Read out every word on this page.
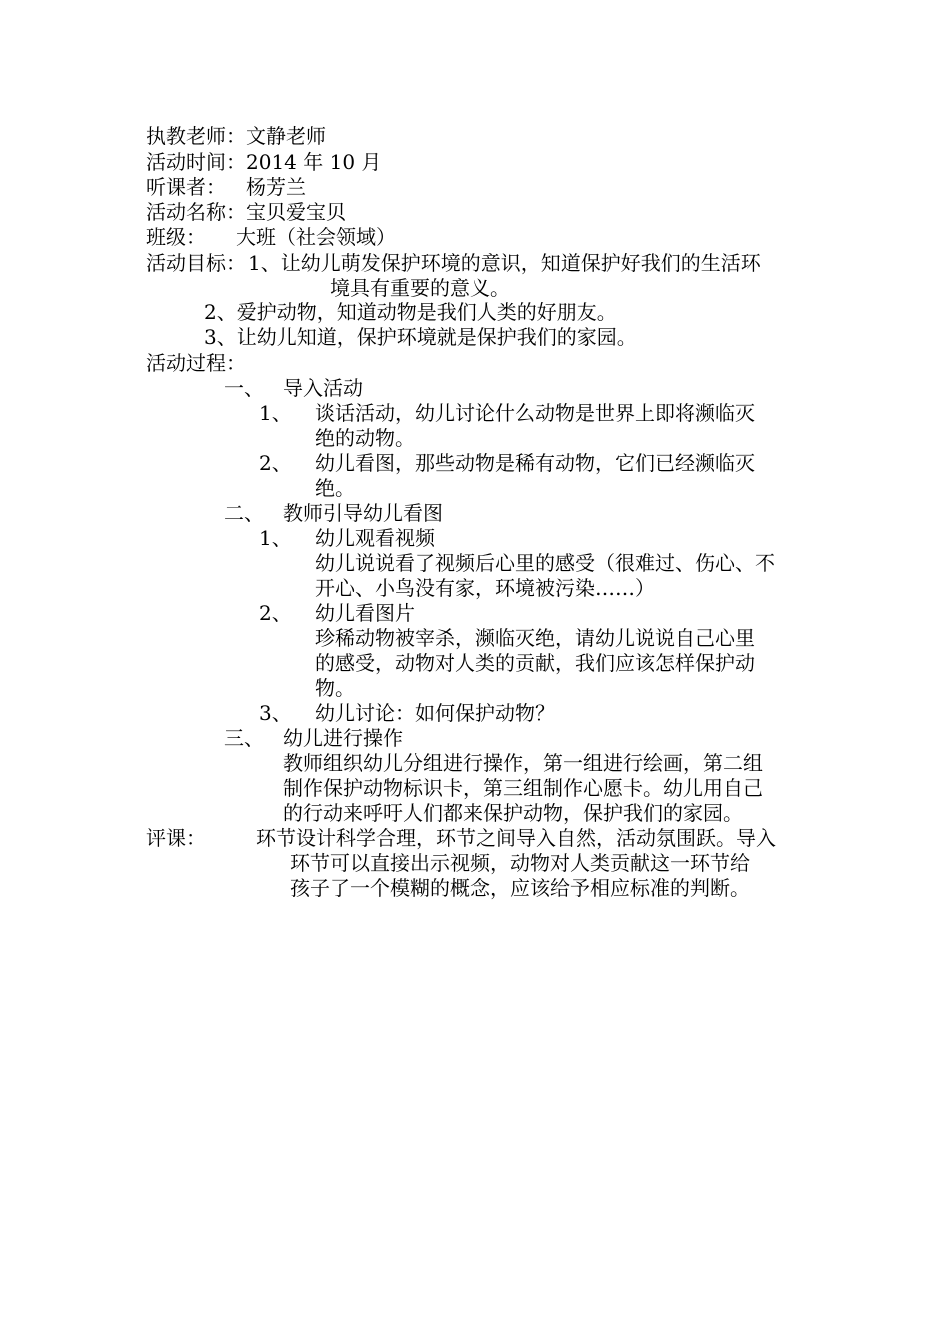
执教老师：文静老师
活动时间：2014 年 10 月
听课者： 杨芳兰
活动名称：宝贝爱宝贝
班级： 大班（社会领域）
活动目标： 1、让幼儿萌发保护环境的意识，知道保护好我们的生活环
境具有重要的意义。
2、爱护动物，知道动物是我们人类的好朋友。
3、让幼儿知道，保护环境就是保护我们的家园。
活动过程：
一、 导入活动
1、 谈话活动，幼儿讨论什么动物是世界上即将濒临灭
绝的动物。
2、 幼儿看图，那些动物是稀有动物，它们已经濒临灭
绝。
二、 教师引导幼儿看图
1、 幼儿观看视频
幼儿说说看了视频后心里的感受（很难过、伤心、不
开心、小鸟没有家，环境被污染……）
2、 幼儿看图片
珍稀动物被宰杀，濒临灭绝，请幼儿说说自己心里
的感受，动物对人类的贡献，我们应该怎样保护动
物。
3、 幼儿讨论：如何保护动物？
三、 幼儿进行操作
教师组织幼儿分组进行操作，第一组进行绘画，第二组
制作保护动物标识卡，第三组制作心愿卡。幼儿用自己
的行动来呼吁人们都来保护动物，保护我们的家园。
评课：	环节设计科学合理，环节之间导入自然，活动氛围跃。导入
环节可以直接出示视频，动物对人类贡献这一环节给
孩子了一个模糊的概念，应该给予相应标准的判断。
